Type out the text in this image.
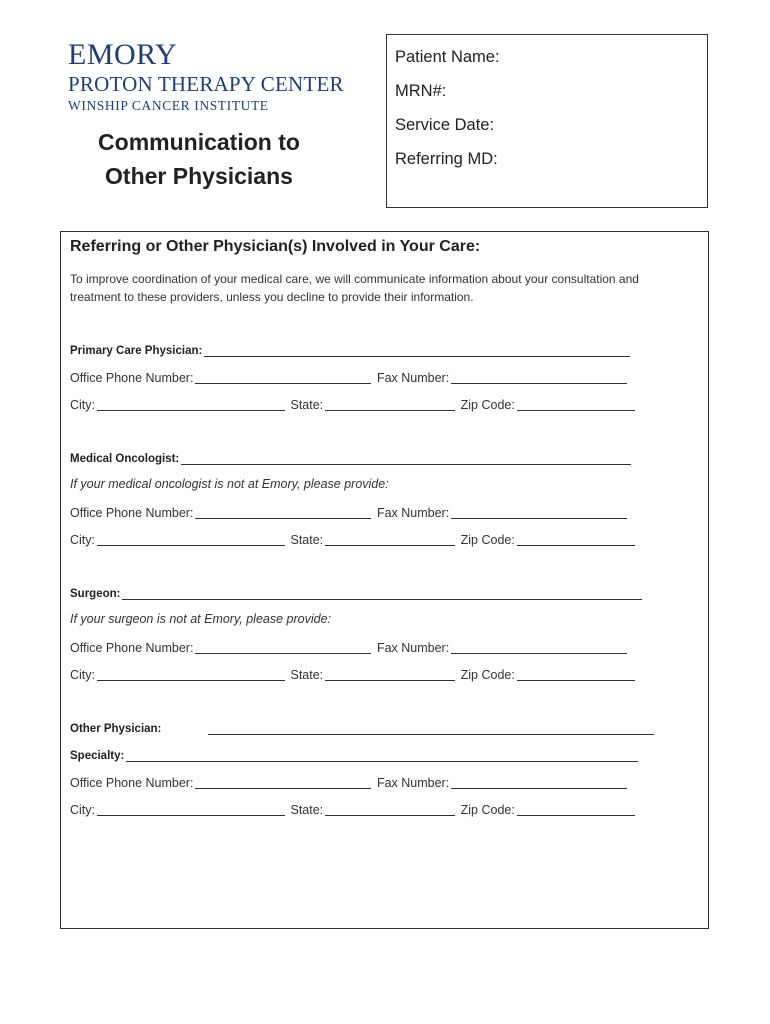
EMORY
PROTON THERAPY CENTER
WINSHIP CANCER INSTITUTE
Communication to
Other Physicians
Patient Name:
MRN#:
Service Date:
Referring MD:
Referring or Other Physician(s) Involved in Your Care:
To improve coordination of your medical care, we will communicate information about your consultation and treatment to these providers, unless you decline to provide their information.
Primary Care Physician:
Office Phone Number:	Fax Number:
City:	State:	Zip Code:
Medical Oncologist:
If your medical oncologist is not at Emory, please provide:
Office Phone Number:	Fax Number:
City:	State:	Zip Code:
Surgeon:
If your surgeon is not at Emory, please provide:
Office Phone Number:	Fax Number:
City:	State:	Zip Code:
Other Physician:
Specialty:
Office Phone Number:	Fax Number:
City:	State:	Zip Code:
